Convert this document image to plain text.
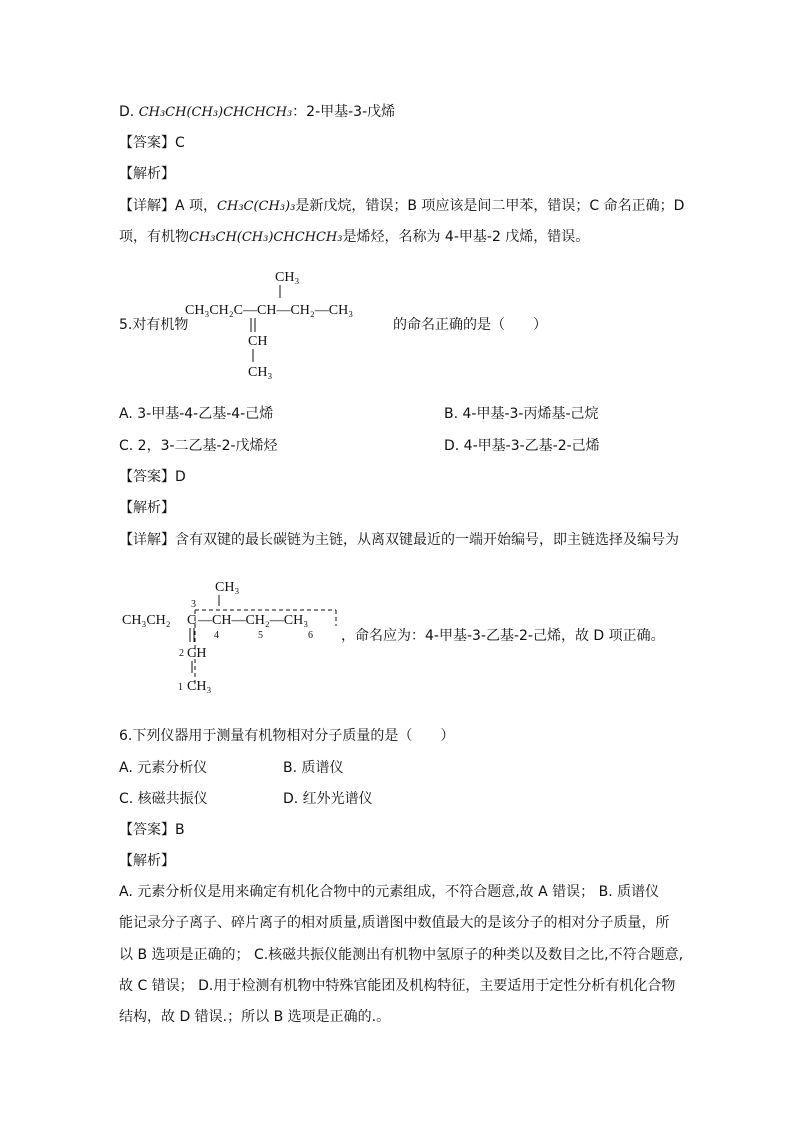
D. CH₃CH(CH₃)CHCHCH₃：2-甲基-3-戊烯
【答案】C
【解析】
【详解】A 项，CH₃C(CH₃)₃是新戊烷，错误；B 项应该是间二甲苯，错误；C 命名正确；D
项，有机物CH₃CH(CH₃)CHCHCH₃是烯烃，名称为 4-甲基-2 戊烯，错误。
5.对有机物
CH₃
CH₃CH₂C—CH—CH₂—CH₃
CH
CH₃
的命名正确的是（　　）
A. 3-甲基-4-乙基-4-己烯	B. 4-甲基-3-丙烯基-己烷
C. 2，3-二乙基-2-戊烯烃	D. 4-甲基-3-乙基-2-己烯
【答案】D
【解析】
【详解】含有双键的最长碳链为主链，从离双键最近的一端开始编号，即主链选择及编号为
CH₃
3
CH₃CH₂ C —CH—CH₂—CH₃
4	5	6
2 CH
1 CH₃
，命名应为：4-甲基-3-乙基-2-己烯，故 D 项正确。
6.下列仪器用于测量有机物相对分子质量的是（　　）
A. 元素分析仪	B. 质谱仪
C. 核磁共振仪	D. 红外光谱仪
【答案】B
【解析】
A. 元素分析仪是用来确定有机化合物中的元素组成，不符合题意,故 A 错误； B. 质谱仪
能记录分子离子、碎片离子的相对质量,质谱图中数值最大的是该分子的相对分子质量，所
以 B 选项是正确的； C.核磁共振仪能测出有机物中氢原子的种类以及数目之比,不符合题意,
故 C 错误； D.用于检测有机物中特殊官能团及机构特征，主要适用于定性分析有机化合物
结构，故 D 错误.；所以 B 选项是正确的.。
